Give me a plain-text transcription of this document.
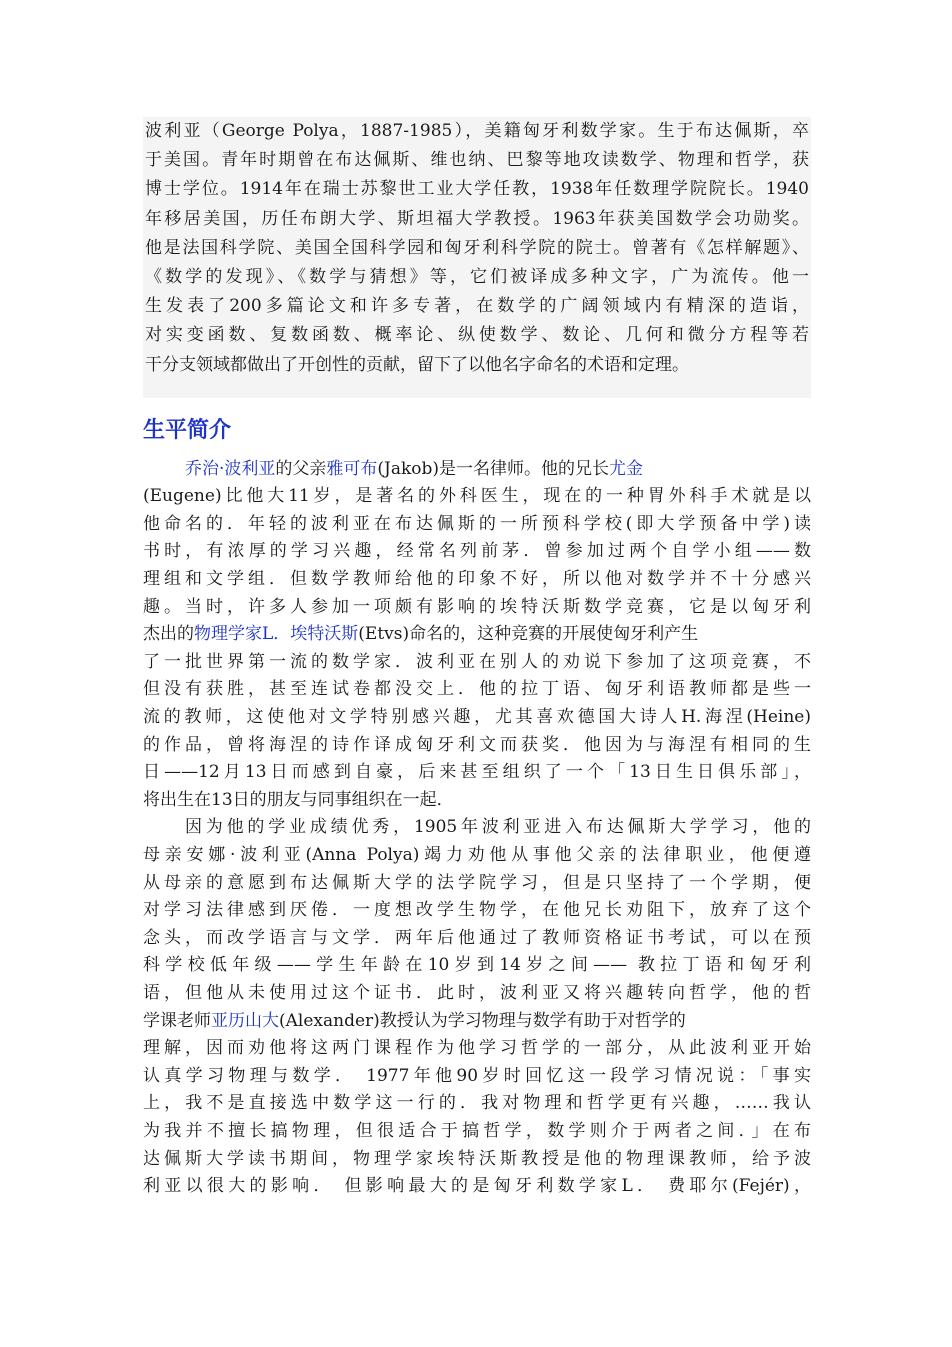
波利亚（George Polya，1887-1985），美籍匈牙利数学家。生于布达佩斯，卒
于美国。青年时期曾在布达佩斯、维也纳、巴黎等地攻读数学、物理和哲学，获
博士学位。1914年在瑞士苏黎世工业大学任教，1938年任数理学院院长。1940
年移居美国，历任布朗大学、斯坦福大学教授。1963年获美国数学会功勋奖。
他是法国科学院、美国全国科学园和匈牙利科学院的院士。曾著有《怎样解题》、
《数学的发现》、《数学与猜想》等，它们被译成多种文字，广为流传。他一
生发表了200多篇论文和许多专著，在数学的广阔领域内有精深的造诣，
对实变函数、复数函数、概率论、纵使数学、数论、几何和微分方程等若
干分支领域都做出了开创性的贡献，留下了以他名字命名的术语和定理。
生平简介
乔治·波利亚的父亲雅可布(Jakob)是一名律师。他的兄长尤金
(Eugene)比他大11岁，是著名的外科医生，现在的一种胃外科手术就是以
他命名的．年轻的波利亚在布达佩斯的一所预科学校(即大学预备中学)读
书时，有浓厚的学习兴趣，经常名列前茅．曾参加过两个自学小组——数
理组和文学组．但数学教师给他的印象不好，所以他对数学并不十分感兴
趣。当时，许多人参加一项颇有影响的埃特沃斯数学竞赛，它是以匈牙利
杰出的物理学家L．埃特沃斯(Etvs)命名的，这种竞赛的开展使匈牙利产生
了一批世界第一流的数学家．波利亚在别人的劝说下参加了这项竞赛，不
但没有获胜，甚至连试卷都没交上．他的拉丁语、匈牙利语教师都是些一
流的教师，这使他对文学特别感兴趣，尤其喜欢德国大诗人H.海涅(Heine)
的作品，曾将海涅的诗作译成匈牙利文而获奖．他因为与海涅有相同的生
日——12月13日而感到自豪，后来甚至组织了一个「13日生日俱乐部」，
将出生在13日的朋友与同事组织在一起．
因为他的学业成绩优秀，1905年波利亚进入布达佩斯大学学习，他的
母亲安娜·波利亚(Anna Polya)竭力劝他从事他父亲的法律职业，他便遵
从母亲的意愿到布达佩斯大学的法学院学习，但是只坚持了一个学期，便
对学习法律感到厌倦．一度想改学生物学，在他兄长劝阻下，放弃了这个
念头，而改学语言与文学．两年后他通过了教师资格证书考试，可以在预
科学校低年级——学生年龄在10岁到14岁之间—— 教拉丁语和匈牙利
语，但他从未使用过这个证书．此时，波利亚又将兴趣转向哲学，他的哲
学课老师亚历山大(Alexander)教授认为学习物理与数学有助于对哲学的
理解，因而劝他将这两门课程作为他学习哲学的一部分，从此波利亚开始
认真学习物理与数学． 1977年他90岁时回忆这一段学习情况说：「事实
上，我不是直接选中数学这一行的．我对物理和哲学更有兴趣，……我认
为我并不擅长搞物理，但很适合于搞哲学，数学则介于两者之间．」在布
达佩斯大学读书期间，物理学家埃特沃斯教授是他的物理课教师，给予波
利亚以很大的影响． 但影响最大的是匈牙利数学家L． 费耶尔(Fejér)，
